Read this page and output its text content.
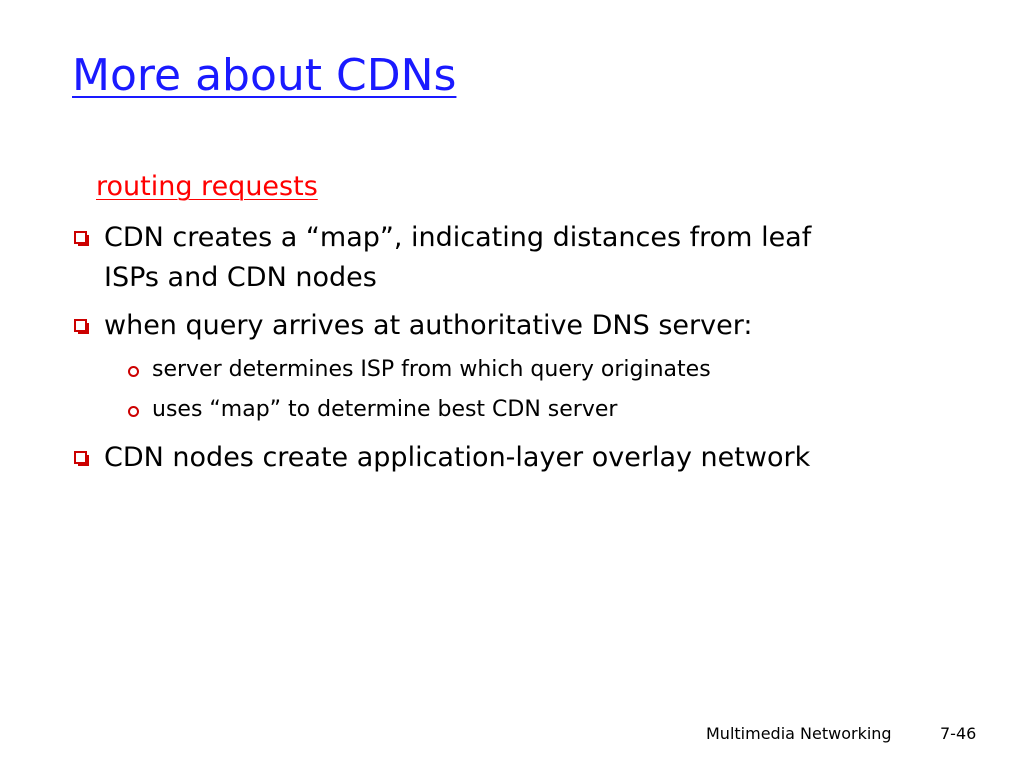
More about CDNs
routing requests
CDN creates a “map”, indicating distances from leaf ISPs and CDN nodes
when query arrives at authoritative DNS server:
server determines ISP from which query originates
uses “map” to determine best CDN server
CDN nodes create application-layer overlay network
Multimedia Networking	7-46
